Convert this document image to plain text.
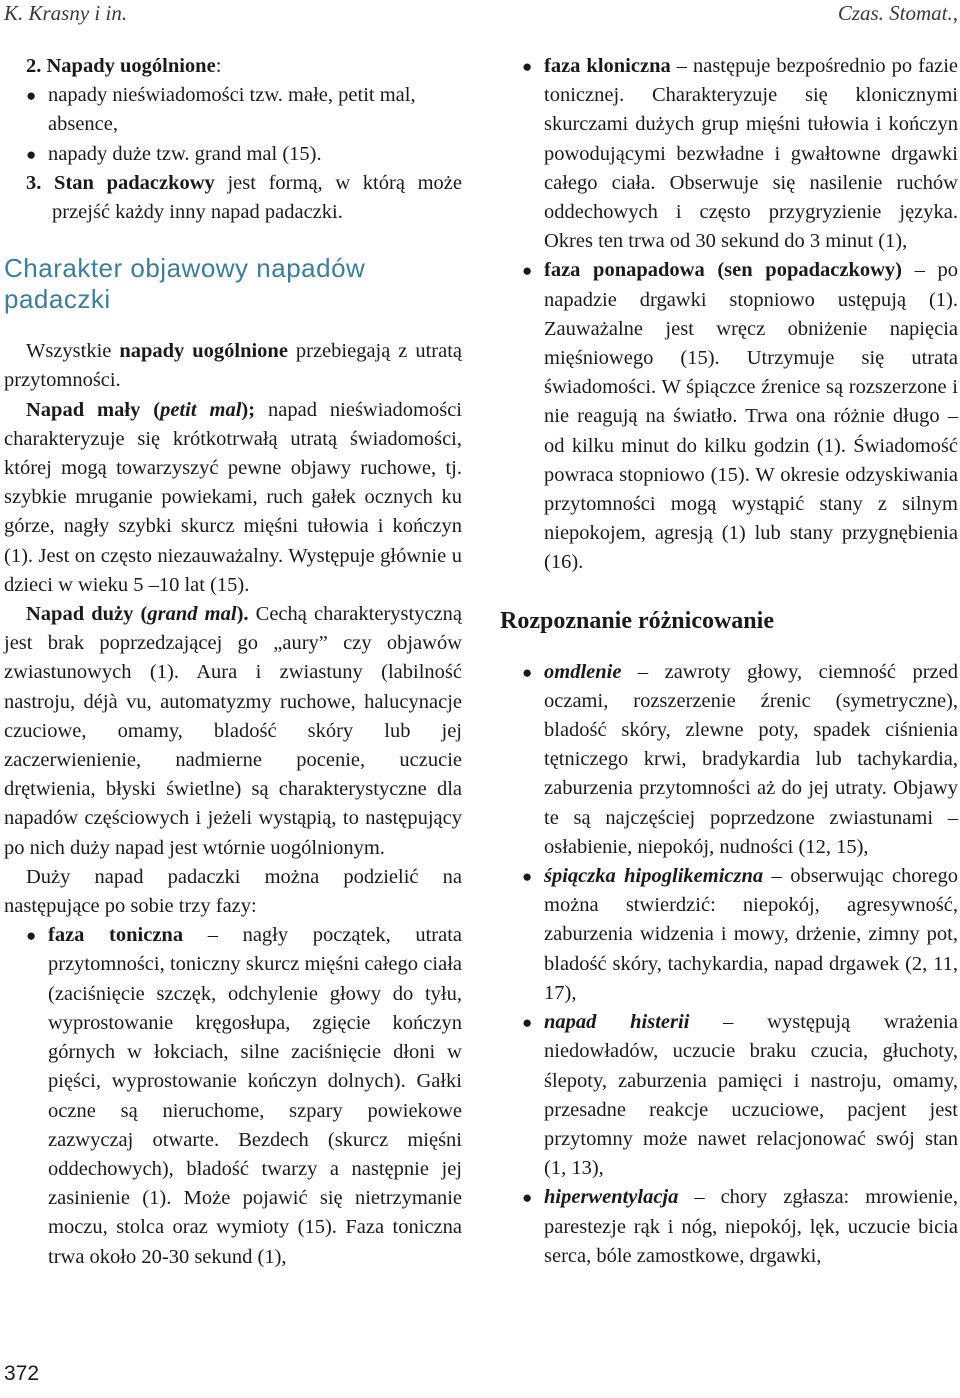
K. Krasny i in.	Czas. Stomat.,

2. Napady uogólnione:

● napady nieświadomości tzw. małe, petit mal, absence,
● napady duże tzw. grand mal (15).

3. Stan padaczkowy jest formą, w którą może przejść każdy inny napad padaczki.

Charakter objawowy napadów padaczki

Wszystkie napady uogólnione przebiegają z utratą przytomności.

Napad mały (petit mal); napad nieświadomości charakteryzuje się krótkotrwałą utratą świadomości, której mogą towarzyszyć pewne objawy ruchowe, tj. szybkie mruganie powiekami, ruch gałek ocznych ku górze, nagły szybki skurcz mięśni tułowia i kończyn (1). Jest on często niezauważalny. Występuje głównie u dzieci w wieku 5 –10 lat (15).

Napad duży (grand mal). Cechą charakterystyczną jest brak poprzedzającej go „aury” czy objawów zwiastunowych (1). Aura i zwiastuny (labilność nastroju, déjà vu, automatyzmy ruchowe, halucynacje czuciowe, omamy, bladość skóry lub jej zaczerwienienie, nadmierne pocenie, uczucie drętwienia, błyski świetlne) są charakterystyczne dla napadów częściowych i jeżeli wystąpią, to następujący po nich duży napad jest wtórnie uogólnionym.

Duży napad padaczki można podzielić na następujące po sobie trzy fazy:

● faza toniczna – nagły początek, utrata przytomności, toniczny skurcz mięśni całego ciała (zaciśnięcie szczęk, odchylenie głowy do tyłu, wyprostowanie kręgosłupa, zgięcie kończyn górnych w łokciach, silne zaciśnięcie dłoni w pięści, wyprostowanie kończyn dolnych). Gałki oczne są nieruchome, szpary powiekowe zazwyczaj otwarte. Bezdech (skurcz mięśni oddechowych), bladość twarzy a następnie jej zasinienie (1). Może pojawić się nietrzymanie moczu, stolca oraz wymioty (15). Faza toniczna trwa około 20-30 sekund (1),
● faza kloniczna – następuje bezpośrednio po fazie tonicznej. Charakteryzuje się klonicznymi skurczami dużych grup mięśni tułowia i kończyn powodującymi bezwładne i gwałtowne drgawki całego ciała. Obserwuje się nasilenie ruchów oddechowych i często przygryzienie języka. Okres ten trwa od 30 sekund do 3 minut (1),
● faza ponapadowa (sen popadaczkowy) – po napadzie drgawki stopniowo ustępują (1). Zauważalne jest wręcz obniżenie napięcia mięśniowego (15). Utrzymuje się utrata świadomości. W śpiączce źrenice są rozszerzone i nie reagują na światło. Trwa ona różnie długo – od kilku minut do kilku godzin (1). Świadomość powraca stopniowo (15). W okresie odzyskiwania przytomności mogą wystąpić stany z silnym niepokojem, agresją (1) lub stany przygnębienia (16).
Rozpoznanie różnicowanie
● omdlenie – zawroty głowy, ciemność przed oczami, rozszerzenie źrenic (symetryczne), bladość skóry, zlewne poty, spadek ciśnienia tętniczego krwi, bradykardia lub tachykardia, zaburzenia przytomności aż do jej utraty. Objawy te są najczęściej poprzedzone zwiastunami – osłabienie, niepokój, nudności (12, 15),
● śpiączka hipoglikemiczna – obserwując chorego można stwierdzić: niepokój, agresywność, zaburzenia widzenia i mowy, drżenie, zimny pot, bladość skóry, tachykardia, napad drgawek (2, 11, 17),
● napad histerii – występują wrażenia niedowładów, uczucie braku czucia, głuchoty, ślepoty, zaburzenia pamięci i nastroju, omamy, przesadne reakcje uczuciowe, pacjent jest przytomny może nawet relacjonować swój stan (1, 13),
● hiperwentylacja – chory zgłasza: mrowienie, parestezje rąk i nóg, niepokój, lęk, uczucie bicia serca, bóle zamostkowe, drgawki,
372
